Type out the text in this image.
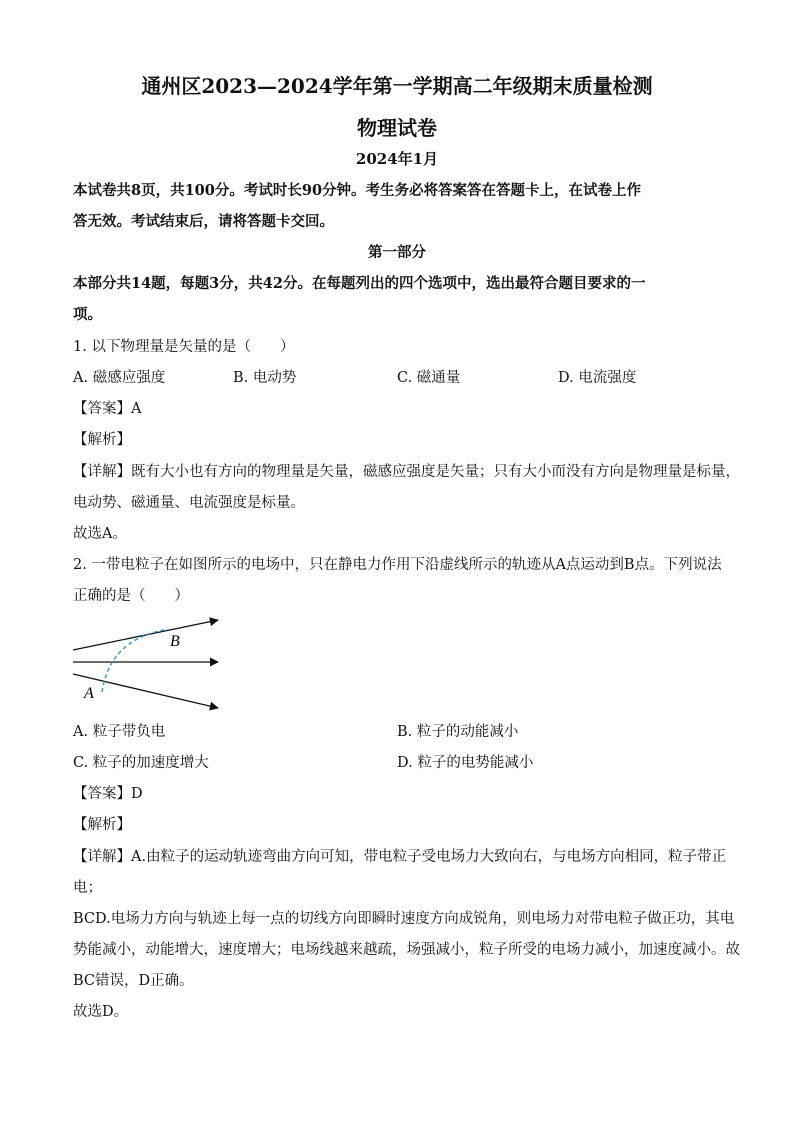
通州区2023—2024学年第一学期高二年级期末质量检测
物理试卷
2024年1月
本试卷共8页，共100分。考试时长90分钟。考生务必将答案答在答题卡上，在试卷上作
答无效。考试结束后，请将答题卡交回。
第一部分
本部分共14题，每题3分，共42分。在每题列出的四个选项中，选出最符合题目要求的一
项。
1. 以下物理量是矢量的是（　　）
A. 磁感应强度	B. 电动势	C. 磁通量	D. 电流强度
【答案】A
【解析】
【详解】既有大小也有方向的物理量是矢量，磁感应强度是矢量；只有大小而没有方向是物理量是标量，
电动势、磁通量、电流强度是标量。
故选A。
2. 一带电粒子在如图所示的电场中，只在静电力作用下沿虚线所示的轨迹从A点运动到B点。下列说法
正确的是（　　）
B
A
A. 粒子带负电	B. 粒子的动能减小
C. 粒子的加速度增大	D. 粒子的电势能减小
【答案】D
【解析】
【详解】A.由粒子的运动轨迹弯曲方向可知，带电粒子受电场力大致向右，与电场方向相同，粒子带正
电；
BCD.电场力方向与轨迹上每一点的切线方向即瞬时速度方向成锐角，则电场力对带电粒子做正功，其电
势能减小，动能增大，速度增大；电场线越来越疏，场强减小，粒子所受的电场力减小，加速度减小。故
BC错误，D正确。
故选D。
